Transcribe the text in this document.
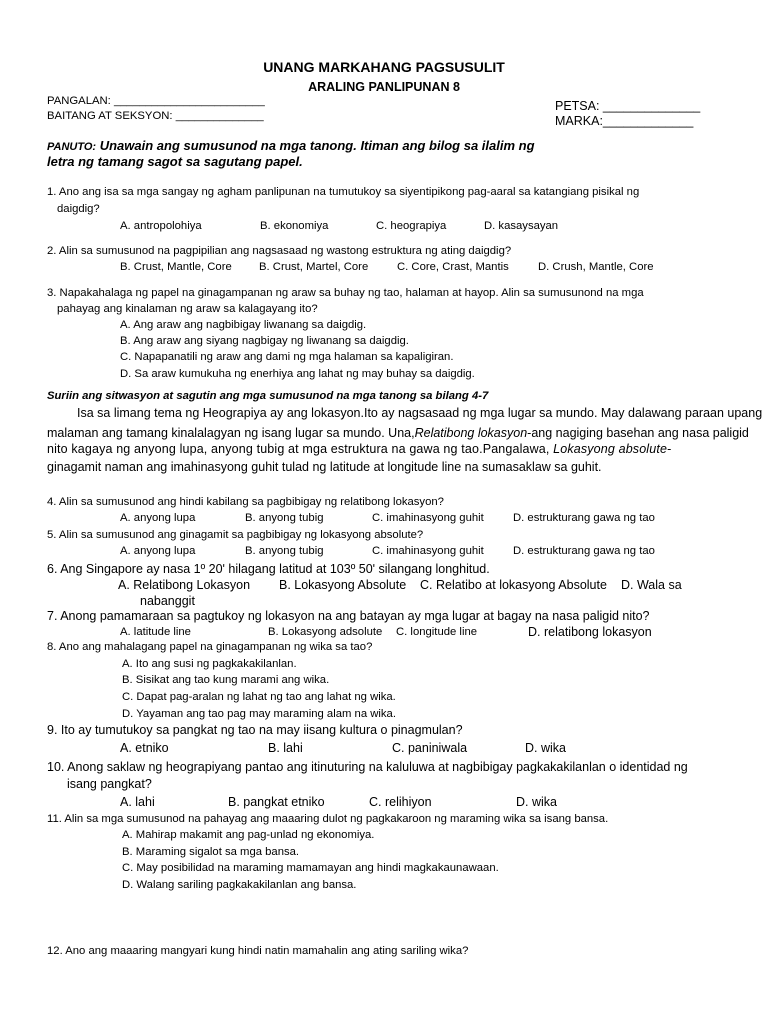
UNANG MARKAHANG PAGSUSULIT
ARALING PANLIPUNAN 8
PANGALAN: ________________________
BAITANG AT SEKSYON: ______________
PETSA: ______________
MARKA:_____________
PANUTO: Unawain ang sumusunod na mga tanong. Itiman ang bilog sa ilalim ng
letra ng tamang sagot sa sagutang papel.
1. Ano ang isa sa mga sangay ng agham panlipunan na tumutukoy sa siyentipikong pag-aaral sa katangiang pisikal ng
daigdig?
A. antropolohiya	B. ekonomiya	C. heograpiya	D. kasaysayan
2. Alin sa sumusunod na pagpipilian ang nagsasaad ng wastong estruktura ng ating daigdig?
B. Crust, Mantle, Core B. Crust, Martel, Core	C. Core, Crast, Mantis	D. Crush, Mantle, Core
3. Napakahalaga ng papel na ginagampanan ng araw sa buhay ng tao, halaman at hayop. Alin sa sumusunond na mga
pahayag ang kinalaman ng araw sa kalagayang ito?
A. Ang araw ang nagbibigay liwanang sa daigdig.
B. Ang araw ang siyang nagbigay ng liwanang sa daigdig.
C. Napapanatili ng araw ang dami ng mga halaman sa kapaligiran.
D. Sa araw kumukuha ng enerhiya ang lahat ng may buhay sa daigdig.
Suriin ang sitwasyon at sagutin ang mga sumusunod na mga tanong sa bilang 4-7
Isa sa limang tema ng Heograpiya ay ang lokasyon.Ito ay nagsasaad ng mga lugar sa mundo. May dalawang paraan upang
malaman ang tamang kinalalagyan ng isang lugar sa mundo. Una,Relatibong lokasyon-ang nagiging basehan ang nasa paligid
nito kagaya ng anyong lupa, anyong tubig at mga estruktura na gawa ng tao.Pangalawa, Lokasyong absolute-
ginagamit naman ang imahinasyong guhit tulad ng latitude at longitude line na sumasaklaw sa guhit.
4. Alin sa sumusunod ang hindi kabilang sa pagbibigay ng relatibong lokasyon?
A. anyong lupa	B. anyong tubig	C. imahinasyong guhit	D. estrukturang gawa ng tao
5. Alin sa sumusunod ang ginagamit sa pagbibigay ng lokasyong absolute?
A. anyong lupa	B. anyong tubig	C. imahinasyong guhit	D. estrukturang gawa ng tao
6. Ang Singapore ay nasa 1º 20ʹ hilagang latitud at 103º 50ʹ silangang longhitud.
A. Relatibong Lokasyon B. Lokasyong Absolute C. Relatibo at lokasyong Absolute D. Wala sa
nabanggit
7. Anong pamamaraan sa pagtukoy ng lokasyon na ang batayan ay mga lugar at bagay na nasa paligid nito?
A. latitude line	B. Lokasyong adsolute C. longitude line	D. relatibong lokasyon
8. Ano ang mahalagang papel na ginagampanan ng wika sa tao?
A. Ito ang susi ng pagkakakilanlan.
B. Sisikat ang tao kung marami ang wika.
C. Dapat pag-aralan ng lahat ng tao ang lahat ng wika.
D. Yayaman ang tao pag may maraming alam na wika.
9. Ito ay tumutukoy sa pangkat ng tao na may iisang kultura o pinagmulan?
A. etniko	B. lahi	C. paniniwala	D. wika
10. Anong saklaw ng heograpiyang pantao ang itinuturing na kaluluwa at nagbibigay pagkakakilanlan o identidad ng
isang pangkat?
A. lahi	B. pangkat etniko	C. relihiyon	D. wika
11. Alin sa mga sumusunod na pahayag ang maaaring dulot ng pagkakaroon ng maraming wika sa isang bansa.
A. Mahirap makamit ang pag-unlad ng ekonomiya.
B. Maraming sigalot sa mga bansa.
C. May posibilidad na maraming mamamayan ang hindi magkakaunawaan.
D. Walang sariling pagkakakilanlan ang bansa.
12. Ano ang maaaring mangyari kung hindi natin mamahalin ang ating sariling wika?
